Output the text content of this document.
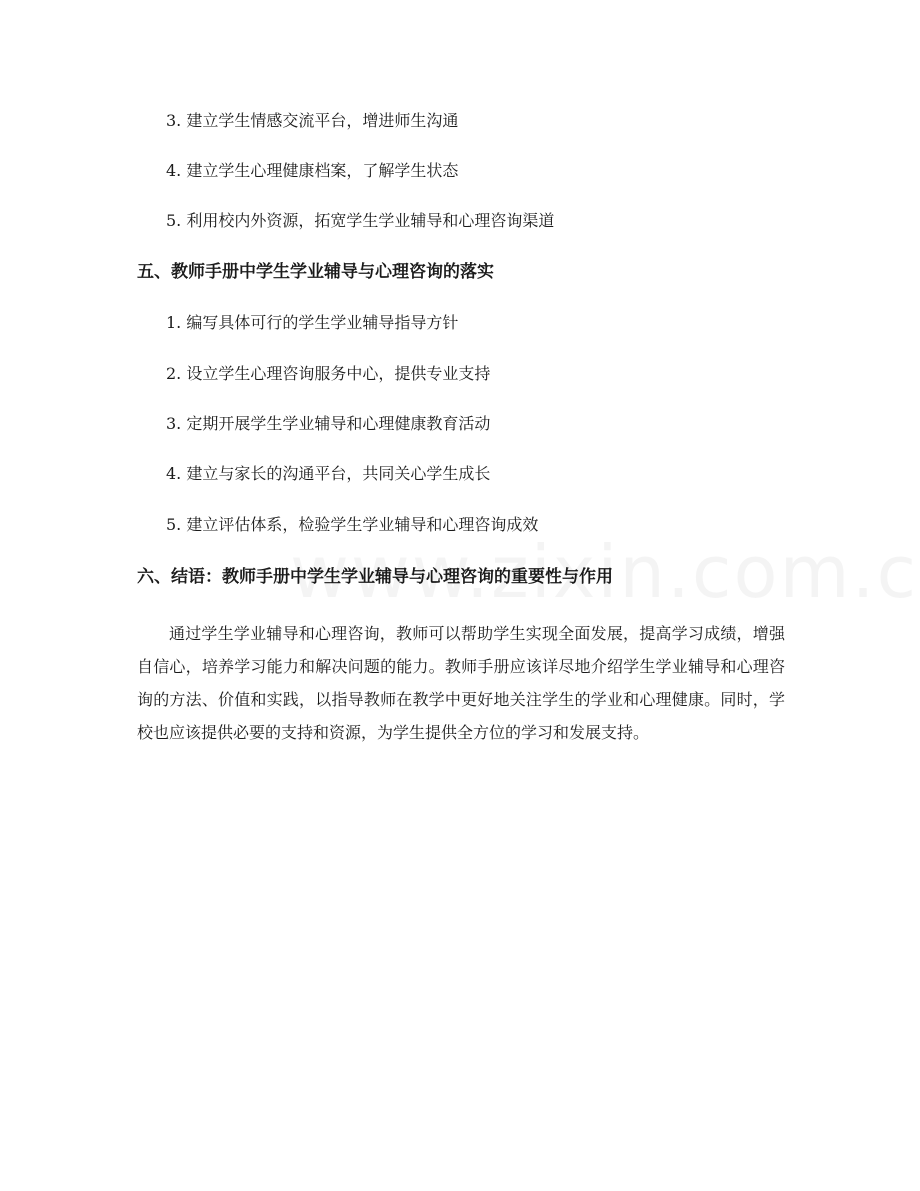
3. 建立学生情感交流平台，增进师生沟通
4. 建立学生心理健康档案，了解学生状态
5. 利用校内外资源，拓宽学生学业辅导和心理咨询渠道
五、教师手册中学生学业辅导与心理咨询的落实
1. 编写具体可行的学生学业辅导指导方针
2. 设立学生心理咨询服务中心，提供专业支持
3. 定期开展学生学业辅导和心理健康教育活动
4. 建立与家长的沟通平台，共同关心学生成长
5. 建立评估体系，检验学生学业辅导和心理咨询成效
六、结语：教师手册中学生学业辅导与心理咨询的重要性与作用
通过学生学业辅导和心理咨询，教师可以帮助学生实现全面发展，提高学习成绩，增强自信心，培养学习能力和解决问题的能力。教师手册应该详尽地介绍学生学业辅导和心理咨询的方法、价值和实践，以指导教师在教学中更好地关注学生的学业和心理健康。同时，学校也应该提供必要的支持和资源，为学生提供全方位的学习和发展支持。
